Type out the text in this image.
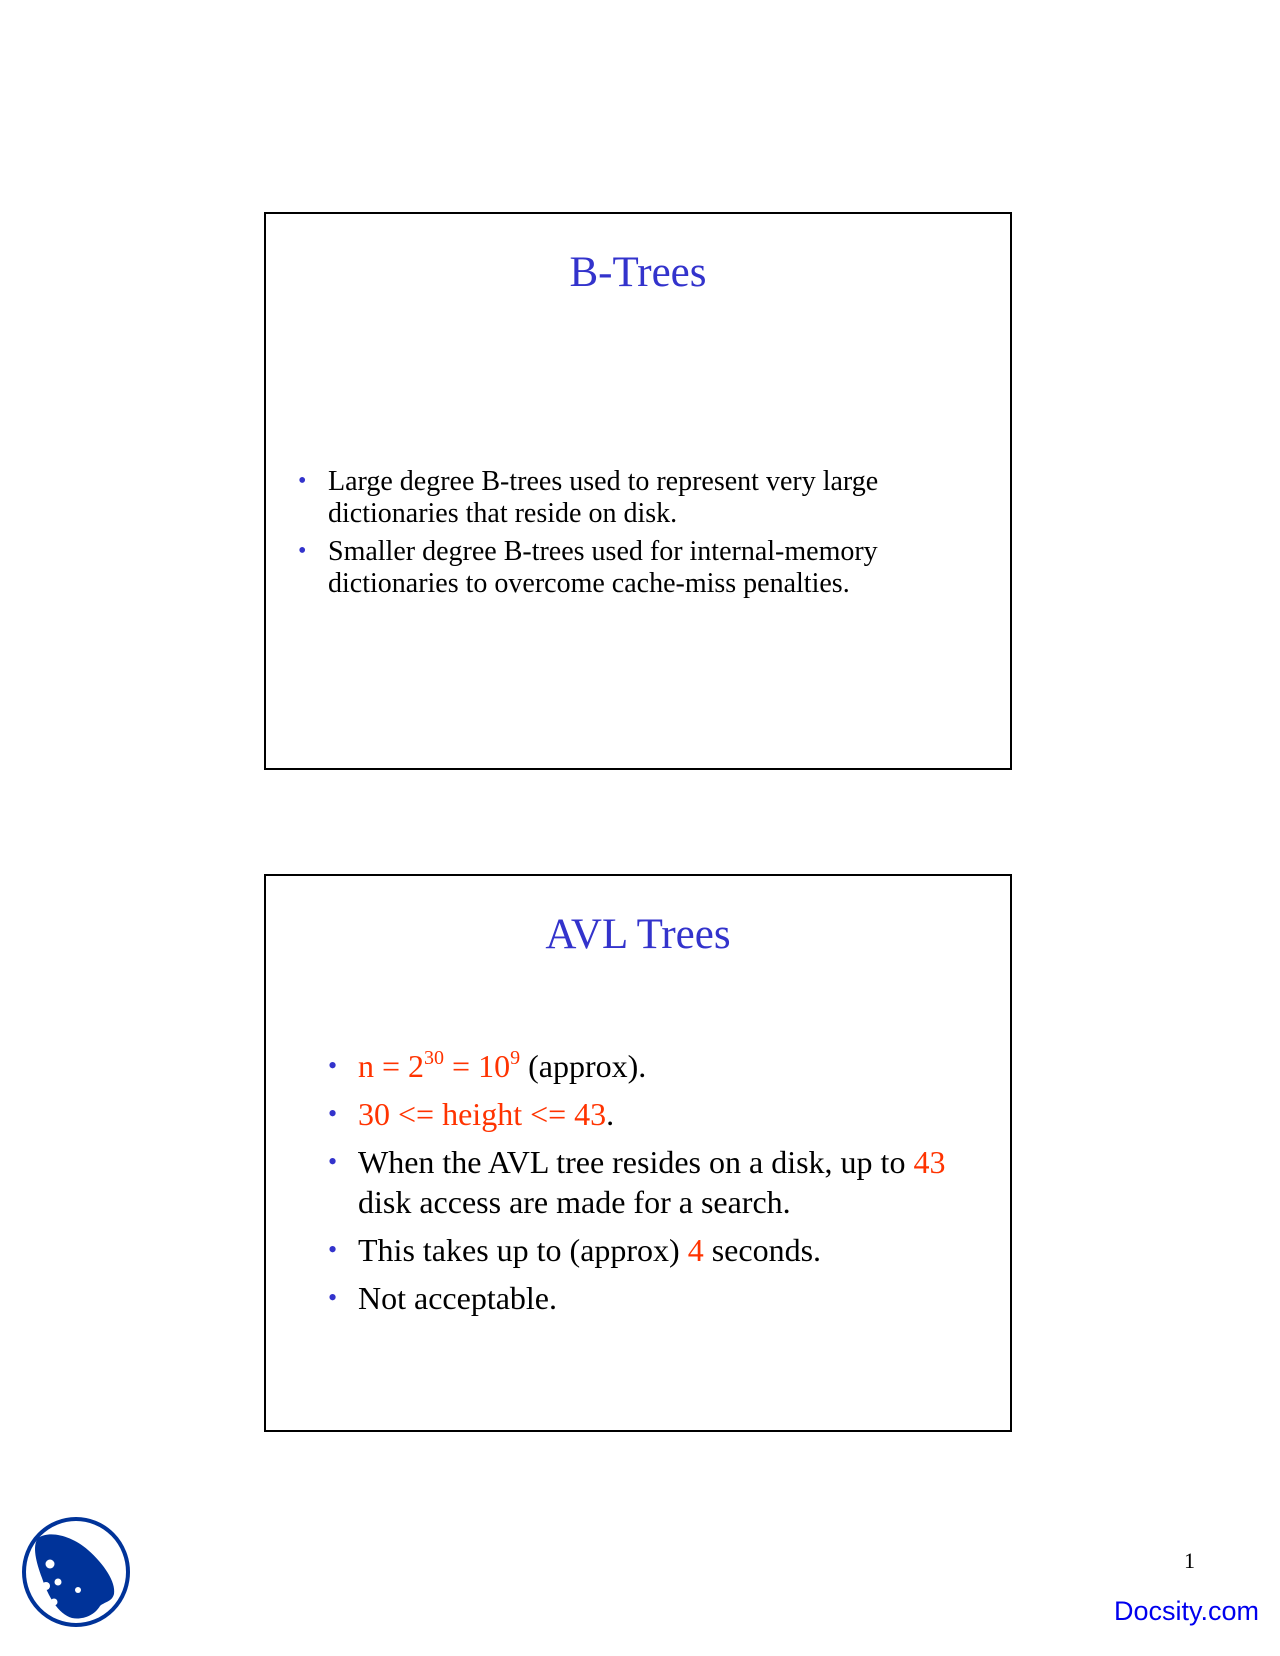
B-Trees
• Large degree B-trees used to represent very large dictionaries that reside on disk.
• Smaller degree B-trees used for internal-memory dictionaries to overcome cache-miss penalties.
AVL Trees
• $n = 2^{30} = 10^9$ (approx).
• 30 <= height <= 43.
• When the AVL tree resides on a disk, up to 43 disk access are made for a search.
• This takes up to (approx) 4 seconds.
• Not acceptable.
1
Docsity.com
